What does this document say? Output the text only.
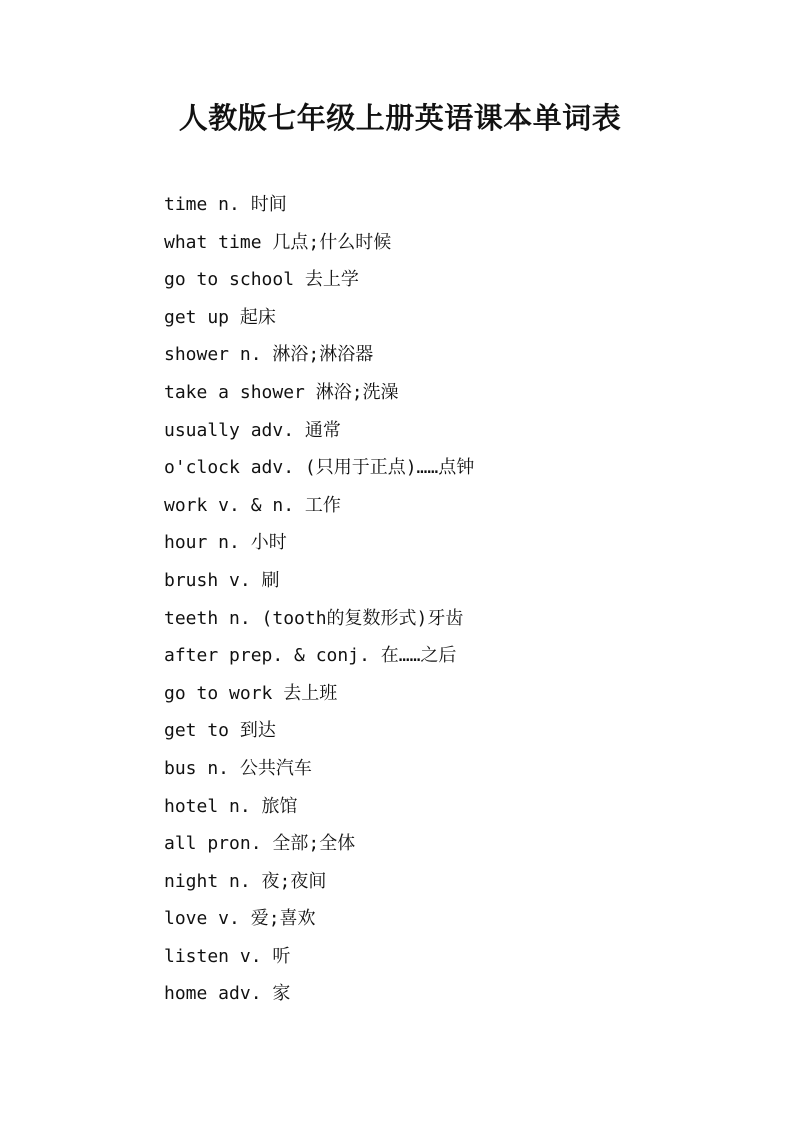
人教版七年级上册英语课本单词表
time n. 时间
what time 几点;什么时候
go to school 去上学
get up 起床
shower n. 淋浴;淋浴器
take a shower 淋浴;洗澡
usually adv. 通常
o'clock adv. (只用于正点)……点钟
work v. & n. 工作
hour n. 小时
brush v. 刷
teeth n. (tooth的复数形式)牙齿
after prep. & conj. 在……之后
go to work 去上班
get to 到达
bus n. 公共汽车
hotel n. 旅馆
all pron. 全部;全体
night n. 夜;夜间
love v. 爱;喜欢
listen v. 听
home adv. 家
